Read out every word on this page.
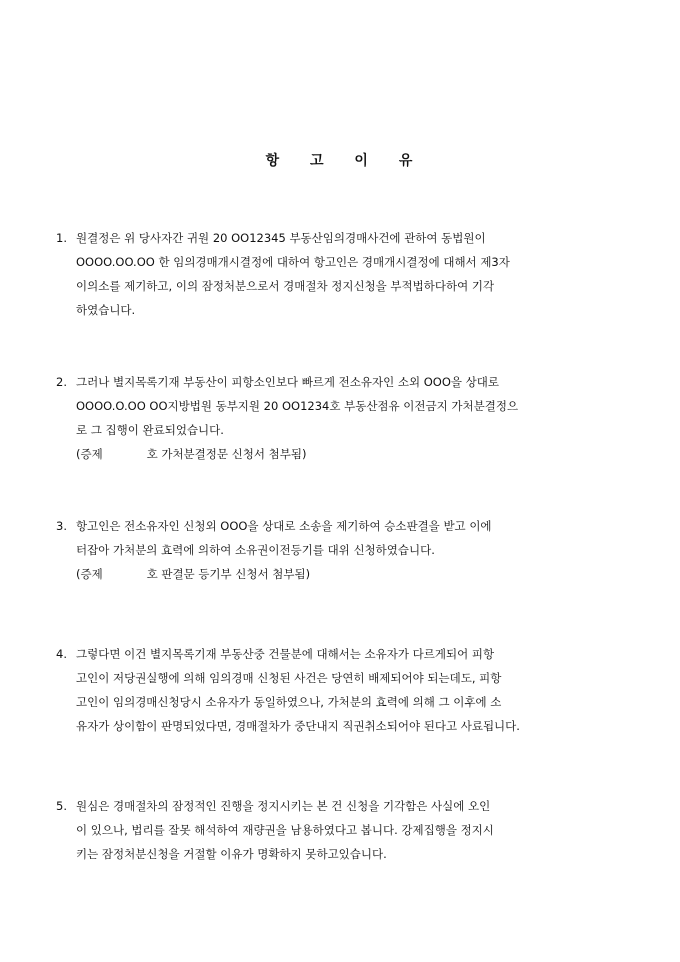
항 고 이 유
1. 원결정은 위 당사자간 귀원 20 OO12345 부동산임의경매사건에 관하여 동법원이
OOOO.OO.OO 한 임의경매개시결정에 대하여 항고인은 경매개시결정에 대해서 제3자
이의소를 제기하고, 이의 잠정처분으로서 경매절차 정지신청을 부적법하다하여 기각
하였습니다.
2. 그러나 별지목록기재 부동산이 피항소인보다 빠르게 전소유자인 소외 OOO을 상대로
OOOO.O.OO OO지방법원 동부지원 20 OO1234호 부동산점유 이전금지 가처분결정으
로 그 집행이 완료되었습니다.
(증제            호 가처분결정문 신청서 첨부됨)
3. 항고인은 전소유자인 신청외 OOO을 상대로 소송을 제기하여 승소판결을 받고 이에
터잡아 가처분의 효력에 의하여 소유권이전등기를 대위 신청하였습니다.
(증제            호 판결문 등기부 신청서 첨부됨)
4. 그렇다면 이건 별지목록기재 부동산중 건물분에 대해서는 소유자가 다르게되어 피항
고인이 저당권실행에 의해 임의경매 신청된 사건은 당연히 배제되어야 되는데도, 피항
고인이 임의경매신청당시 소유자가 동일하였으나, 가처분의 효력에 의해 그 이후에 소
유자가 상이함이 판명되었다면, 경매절차가 중단내지 직권취소되어야 된다고 사료됩니다.
5. 원심은 경매절차의 잠정적인 진행을 정지시키는 본 건 신청을 기각함은 사실에 오인
이 있으나, 법리를 잘못 해석하여 재량권을 남용하였다고 봅니다. 강제집행을 정지시
키는 잠정처분신청을 거절할 이유가 명확하지 못하고있습니다.
